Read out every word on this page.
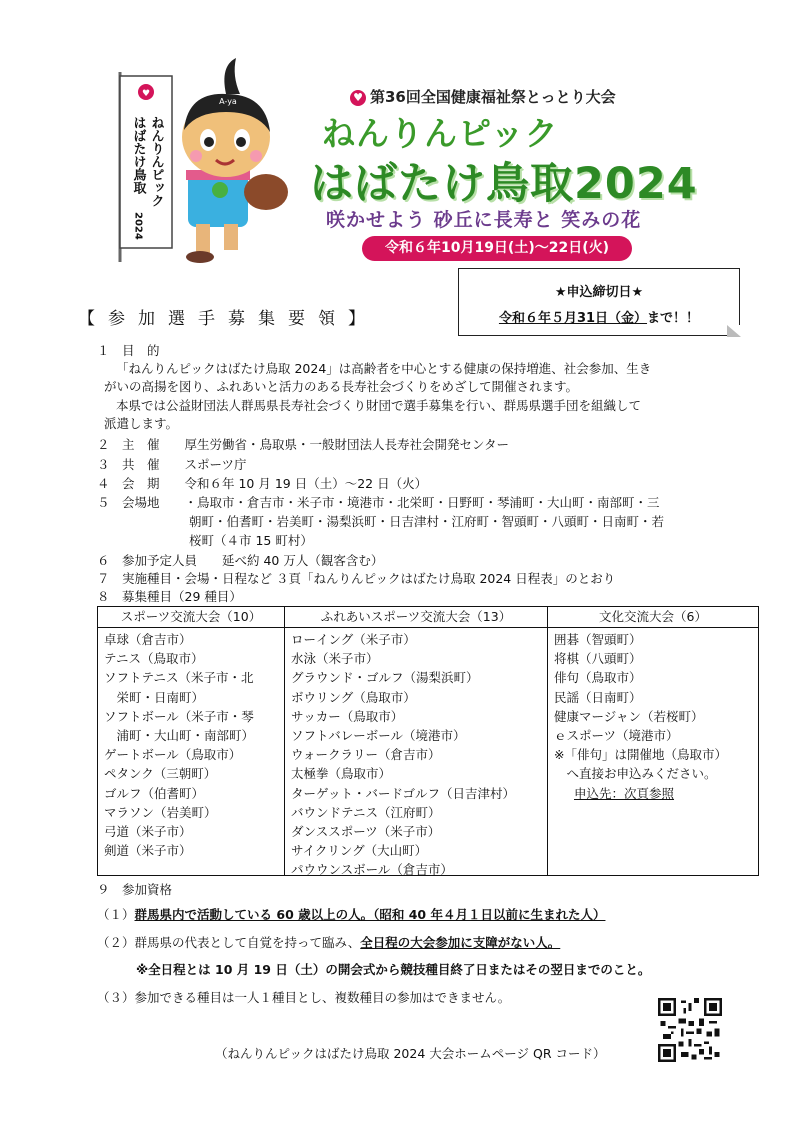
♥
ねんりんピック
はばたけ鳥取
2024
A-ya	♥ 第36回全国健康福祉祭とっとり大会
ねんりんピック
はばたけ鳥取2024
咲かせよう 砂丘に長寿と 笑みの花
令和６年10月19日(土)～22日(火)
★申込締切日★
令和６年５月31日（金）まで！！
【参加選手募集要領】
１　目　的
「ねんりんピックはばたけ鳥取 2024」は高齢者を中心とする健康の保持増進、社会参加、生き
がいの高揚を図り、ふれあいと活力のある長寿社会づくりをめざして開催されます。
本県では公益財団法人群馬県長寿社会づくり財団で選手募集を行い、群馬県選手団を組織して
派遣します。
２　主　催　　厚生労働省・鳥取県・一般財団法人長寿社会開発センター
３　共　催　　スポーツ庁
４　会　期　　令和６年 10 月 19 日（土）～22 日（火）
５　会場地　　・鳥取市・倉吉市・米子市・境港市・北栄町・日野町・琴浦町・大山町・南部町・三
朝町・伯耆町・岩美町・湯梨浜町・日吉津村・江府町・智頭町・八頭町・日南町・若
桜町（４市 15 町村）
６　参加予定人員　　延べ約 40 万人（観客含む）
７　実施種目・会場・日程など ３頁「ねんりんピックはばたけ鳥取 2024 日程表」のとおり
８　募集種目（29 種目）
スポーツ交流大会（10）
卓球（倉吉市）
テニス（鳥取市）
ソフトテニス（米子市・北
　栄町・日南町）
ソフトボール（米子市・琴
　浦町・大山町・南部町）
ゲートボール（鳥取市）
ペタンク（三朝町）
ゴルフ（伯耆町）
マラソン（岩美町）
弓道（米子市）
剣道（米子市）
ふれあいスポーツ交流大会（13）
ローイング（米子市）
水泳（米子市）
グラウンド・ゴルフ（湯梨浜町）
ボウリング（鳥取市）
サッカー（鳥取市）
ソフトバレーボール（境港市）
ウォークラリー（倉吉市）
太極拳（鳥取市）
ターゲット・バードゴルフ（日吉津村）
バウンドテニス（江府町）
ダンススポーツ（米子市）
サイクリング（大山町）
パウウンスボール（倉吉市）
文化交流大会（6）
囲碁（智頭町）
将棋（八頭町）
俳句（鳥取市）
民謡（日南町）
健康マージャン（若桜町）
ｅスポーツ（境港市）
※「俳句」は開催地（鳥取市）
　へ直接お申込みください。
申込先：次頁参照
９　参加資格
（１）群馬県内で活動している 60 歳以上の人。（昭和 40 年４月１日以前に生まれた人）
（２）群馬県の代表として自覚を持って臨み、全日程の大会参加に支障がない人。
※全日程とは 10 月 19 日（土）の開会式から競技種目終了日またはその翌日までのこと。
（３）参加できる種目は一人１種目とし、複数種目の参加はできません。
（ねんりんピックはばたけ鳥取 2024 大会ホームページ QR コード）
